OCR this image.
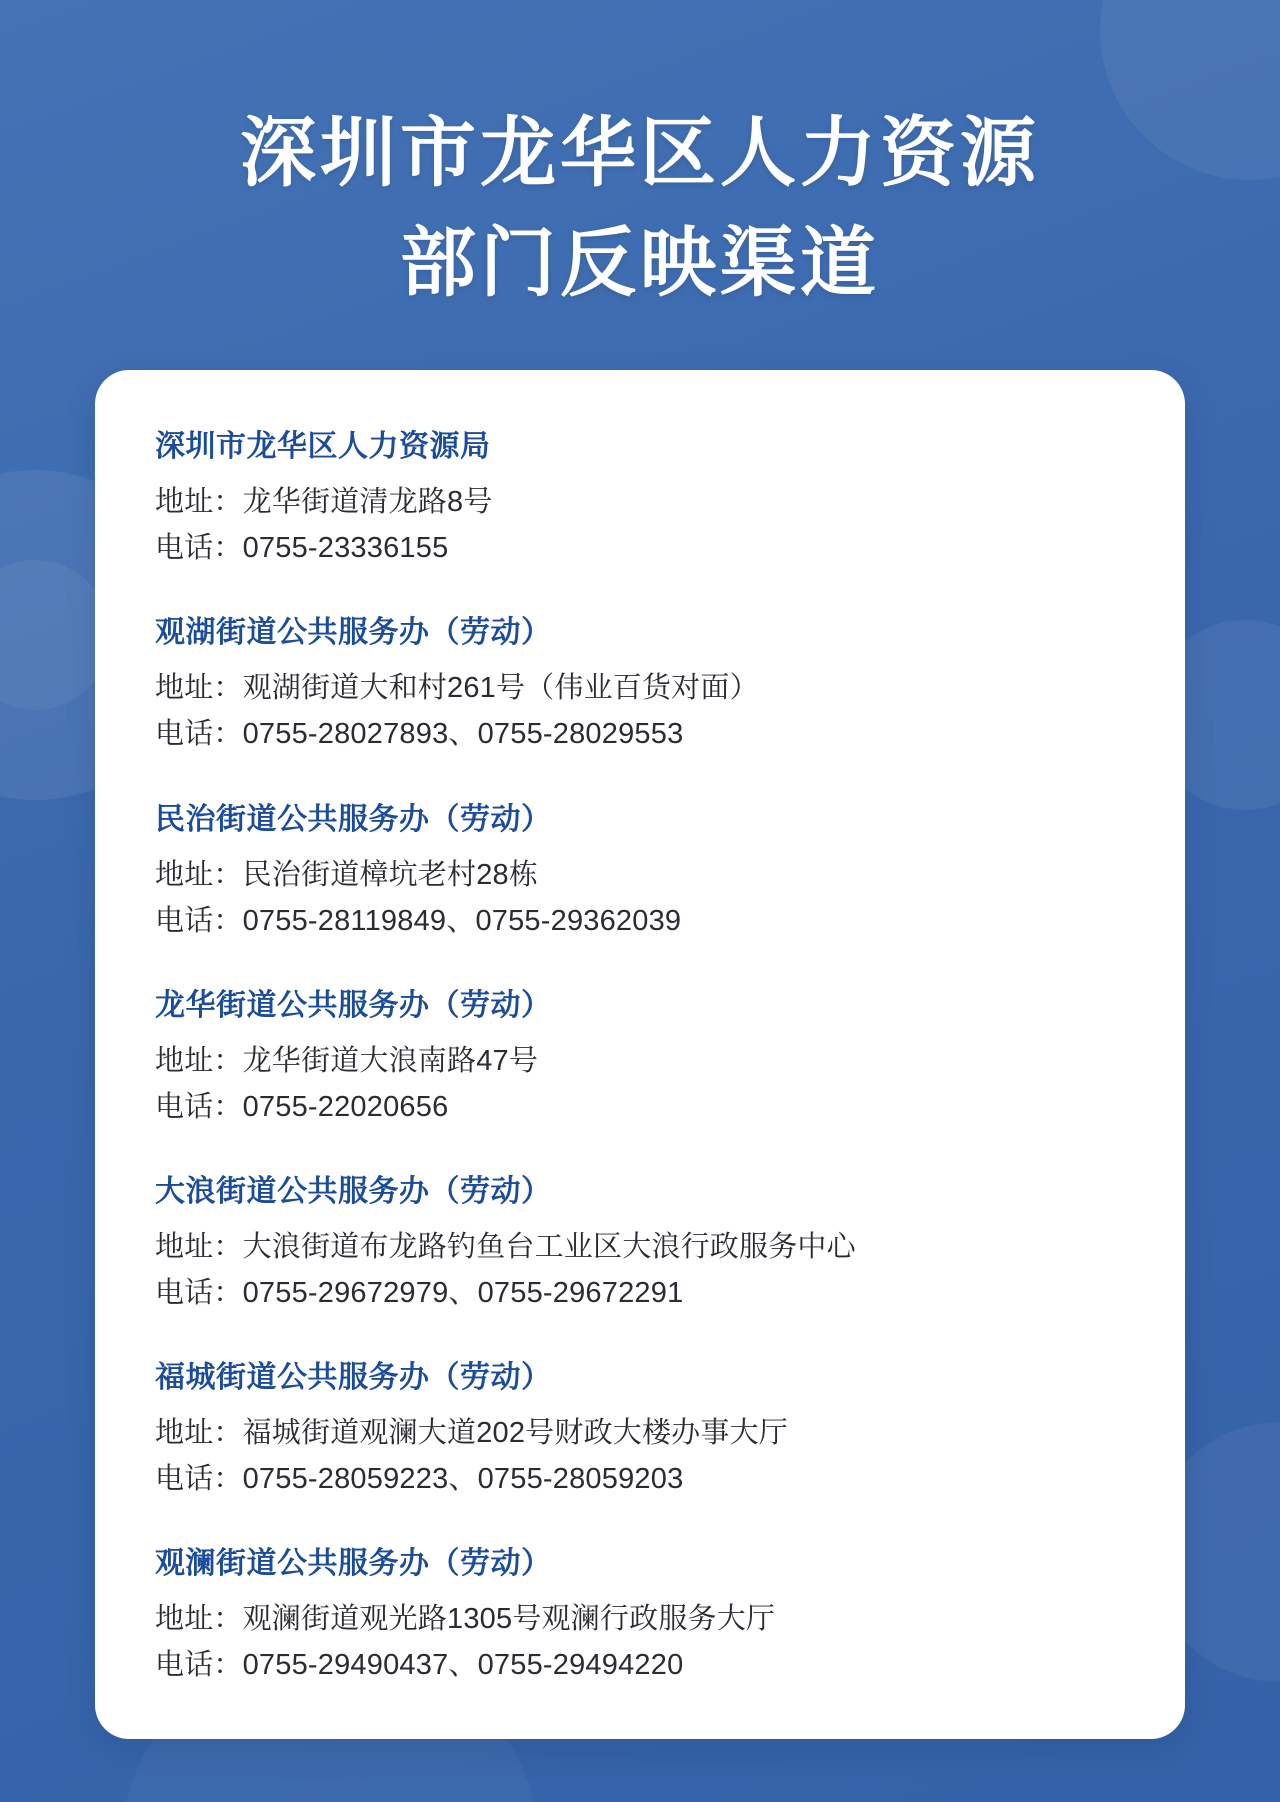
深圳市龙华区人力资源
部门反映渠道

深圳市龙华区人力资源局

地址：龙华街道清龙路8号

电话：0755-23336155

观湖街道公共服务办（劳动）

地址：观湖街道大和村261号（伟业百货对面）

电话：0755-28027893、0755-28029553

民治街道公共服务办（劳动）

地址：民治街道樟坑老村28栋

电话：0755-28119849、0755-29362039

龙华街道公共服务办（劳动）

地址：龙华街道大浪南路47号

电话：0755-22020656

大浪街道公共服务办（劳动）

地址：大浪街道布龙路钓鱼台工业区大浪行政服务中心

电话：0755-29672979、0755-29672291

福城街道公共服务办（劳动）

地址：福城街道观澜大道202号财政大楼办事大厅

电话：0755-28059223、0755-28059203

观澜街道公共服务办（劳动）

地址：观澜街道观光路1305号观澜行政服务大厅

电话：0755-29490437、0755-29494220
